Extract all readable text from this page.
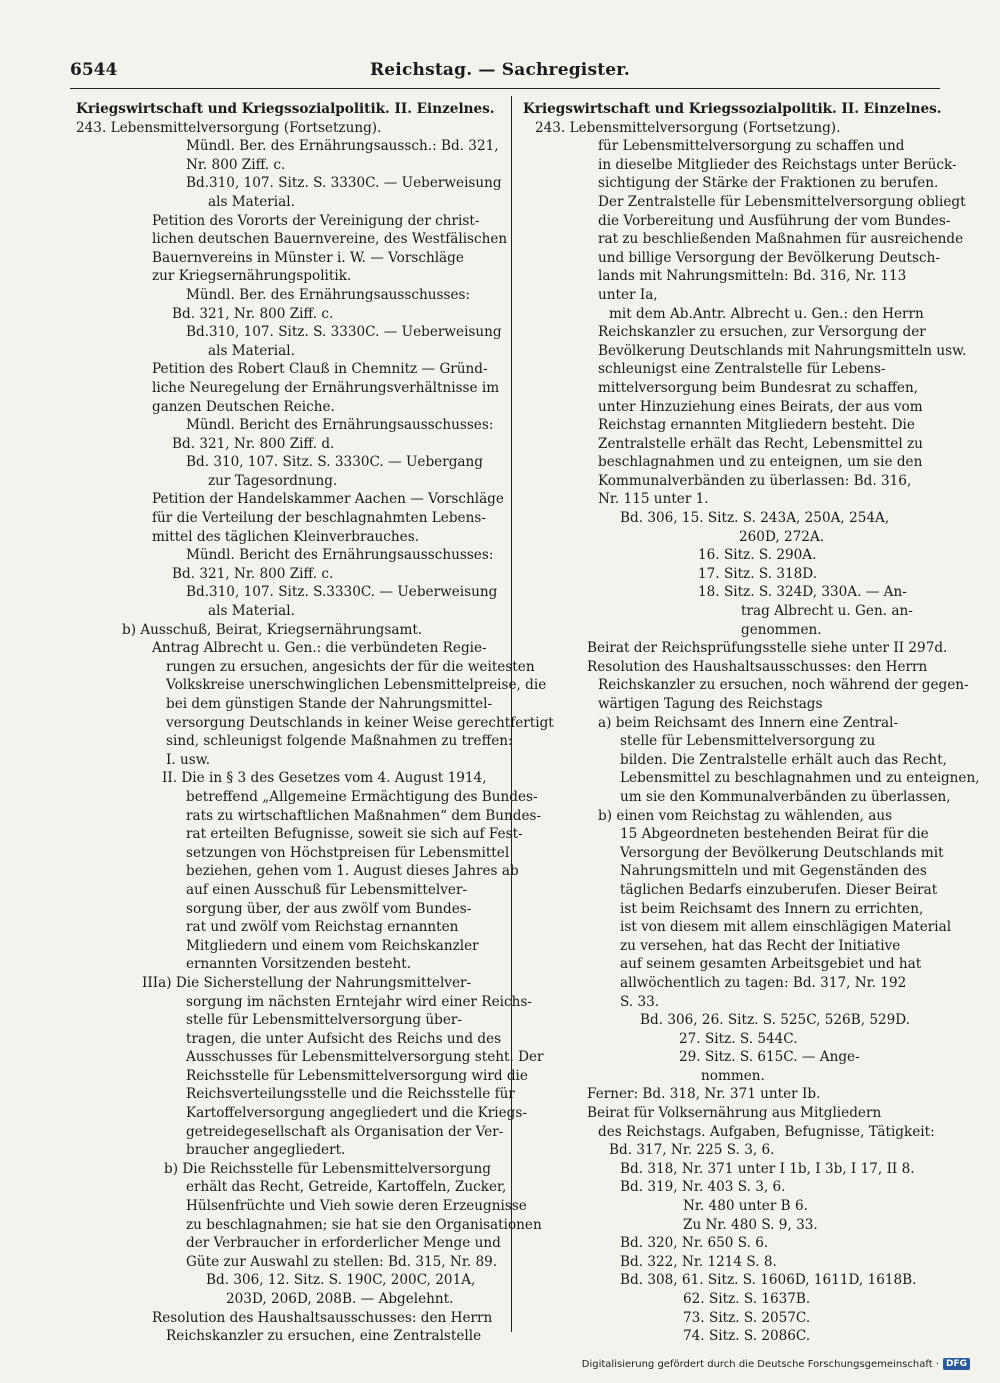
6544	Reichstag. — Sachregister.
Kriegswirtschaft und Kriegssozialpolitik. II. Einzelnes.
243. Lebensmittelversorgung (Fortsetzung).
Mündl. Ber. des Ernährungsaussch.: Bd. 321,
Nr. 800 Ziff. c.
Bd.310, 107. Sitz. S. 3330C. — Ueberweisung
als Material.
Petition des Vororts der Vereinigung der christ-
lichen deutschen Bauernvereine, des Westfälischen
Bauernvereins in Münster i. W. — Vorschläge
zur Kriegsernährungspolitik.
Mündl. Ber. des Ernährungsausschusses:
Bd. 321, Nr. 800 Ziff. c.
Bd.310, 107. Sitz. S. 3330C. — Ueberweisung
als Material.
Petition des Robert Clauß in Chemnitz — Gründ-
liche Neuregelung der Ernährungsverhältnisse im
ganzen Deutschen Reiche.
Mündl. Bericht des Ernährungsausschusses:
Bd. 321, Nr. 800 Ziff. d.
Bd. 310, 107. Sitz. S. 3330C. — Uebergang
zur Tagesordnung.
Petition der Handelskammer Aachen — Vorschläge
für die Verteilung der beschlagnahmten Lebens-
mittel des täglichen Kleinverbrauches.
Mündl. Bericht des Ernährungsausschusses:
Bd. 321, Nr. 800 Ziff. c.
Bd.310, 107. Sitz. S.3330C. — Ueberweisung
als Material.
b) Ausschuß, Beirat, Kriegsernährungsamt.
Antrag Albrecht u. Gen.: die verbündeten Regie-
rungen zu ersuchen, angesichts der für die weitesten
Volkskreise unerschwinglichen Lebensmittelpreise, die
bei dem günstigen Stande der Nahrungsmittel-
versorgung Deutschlands in keiner Weise gerechtfertigt
sind, schleunigst folgende Maßnahmen zu treffen:
I. usw.
II. Die in § 3 des Gesetzes vom 4. August 1914,
betreffend „Allgemeine Ermächtigung des Bundes-
rats zu wirtschaftlichen Maßnahmen“ dem Bundes-
rat erteilten Befugnisse, soweit sie sich auf Fest-
setzungen von Höchstpreisen für Lebensmittel
beziehen, gehen vom 1. August dieses Jahres ab
auf einen Ausschuß für Lebensmittelver-
sorgung über, der aus zwölf vom Bundes-
rat und zwölf vom Reichstag ernannten
Mitgliedern und einem vom Reichskanzler
ernannten Vorsitzenden besteht.
IIIa) Die Sicherstellung der Nahrungsmittelver-
sorgung im nächsten Erntejahr wird einer Reichs-
stelle für Lebensmittelversorgung über-
tragen, die unter Aufsicht des Reichs und des
Ausschusses für Lebensmittelversorgung steht. Der
Reichsstelle für Lebensmittelversorgung wird die
Reichsverteilungsstelle und die Reichsstelle für
Kartoffelversorgung angegliedert und die Kriegs-
getreidegesellschaft als Organisation der Ver-
braucher angegliedert.
b) Die Reichsstelle für Lebensmittelversorgung
erhält das Recht, Getreide, Kartoffeln, Zucker,
Hülsenfrüchte und Vieh sowie deren Erzeugnisse
zu beschlagnahmen; sie hat sie den Organisationen
der Verbraucher in erforderlicher Menge und
Güte zur Auswahl zu stellen: Bd. 315, Nr. 89.
Bd. 306, 12. Sitz. S. 190C, 200C, 201A,
203D, 206D, 208B. — Abgelehnt.
Resolution des Haushaltsausschusses: den Herrn
Reichskanzler zu ersuchen, eine Zentralstelle
Kriegswirtschaft und Kriegssozialpolitik. II. Einzelnes.
243. Lebensmittelversorgung (Fortsetzung).
für Lebensmittelversorgung zu schaffen und
in dieselbe Mitglieder des Reichstags unter Berück-
sichtigung der Stärke der Fraktionen zu berufen.
Der Zentralstelle für Lebensmittelversorgung obliegt
die Vorbereitung und Ausführung der vom Bundes-
rat zu beschließenden Maßnahmen für ausreichende
und billige Versorgung der Bevölkerung Deutsch-
lands mit Nahrungsmitteln: Bd. 316, Nr. 113
unter Ia,
mit dem Ab.Antr. Albrecht u. Gen.: den Herrn
Reichskanzler zu ersuchen, zur Versorgung der
Bevölkerung Deutschlands mit Nahrungsmitteln usw.
schleunigst eine Zentralstelle für Lebens-
mittelversorgung beim Bundesrat zu schaffen,
unter Hinzuziehung eines Beirats, der aus vom
Reichstag ernannten Mitgliedern besteht. Die
Zentralstelle erhält das Recht, Lebensmittel zu
beschlagnahmen und zu enteignen, um sie den
Kommunalverbänden zu überlassen: Bd. 316,
Nr. 115 unter 1.
Bd. 306, 15. Sitz. S. 243A, 250A, 254A,
260D, 272A.
16. Sitz. S. 290A.
17. Sitz. S. 318D.
18. Sitz. S. 324D, 330A. — An-
trag Albrecht u. Gen. an-
genommen.
Beirat der Reichsprüfungsstelle siehe unter II 297d.
Resolution des Haushaltsausschusses: den Herrn
Reichskanzler zu ersuchen, noch während der gegen-
wärtigen Tagung des Reichstags
a) beim Reichsamt des Innern eine Zentral-
stelle für Lebensmittelversorgung zu
bilden. Die Zentralstelle erhält auch das Recht,
Lebensmittel zu beschlagnahmen und zu enteignen,
um sie den Kommunalverbänden zu überlassen,
b) einen vom Reichstag zu wählenden, aus
15 Abgeordneten bestehenden Beirat für die
Versorgung der Bevölkerung Deutschlands mit
Nahrungsmitteln und mit Gegenständen des
täglichen Bedarfs einzuberufen. Dieser Beirat
ist beim Reichsamt des Innern zu errichten,
ist von diesem mit allem einschlägigen Material
zu versehen, hat das Recht der Initiative
auf seinem gesamten Arbeitsgebiet und hat
allwöchentlich zu tagen: Bd. 317, Nr. 192
S. 33.
Bd. 306, 26. Sitz. S. 525C, 526B, 529D.
27. Sitz. S. 544C.
29. Sitz. S. 615C. — Ange-
nommen.
Ferner: Bd. 318, Nr. 371 unter Ib.
Beirat für Volksernährung aus Mitgliedern
des Reichstags. Aufgaben, Befugnisse, Tätigkeit:
Bd. 317, Nr. 225 S. 3, 6.
Bd. 318, Nr. 371 unter I 1b, I 3b, I 17, II 8.
Bd. 319, Nr. 403 S. 3, 6.
Nr. 480 unter B 6.
Zu Nr. 480 S. 9, 33.
Bd. 320, Nr. 650 S. 6.
Bd. 322, Nr. 1214 S. 8.
Bd. 308, 61. Sitz. S. 1606D, 1611D, 1618B.
62. Sitz. S. 1637B.
73. Sitz. S. 2057C.
74. Sitz. S. 2086C.
Digitalisierung gefördert durch die Deutsche Forschungsgemeinschaft · DFG
